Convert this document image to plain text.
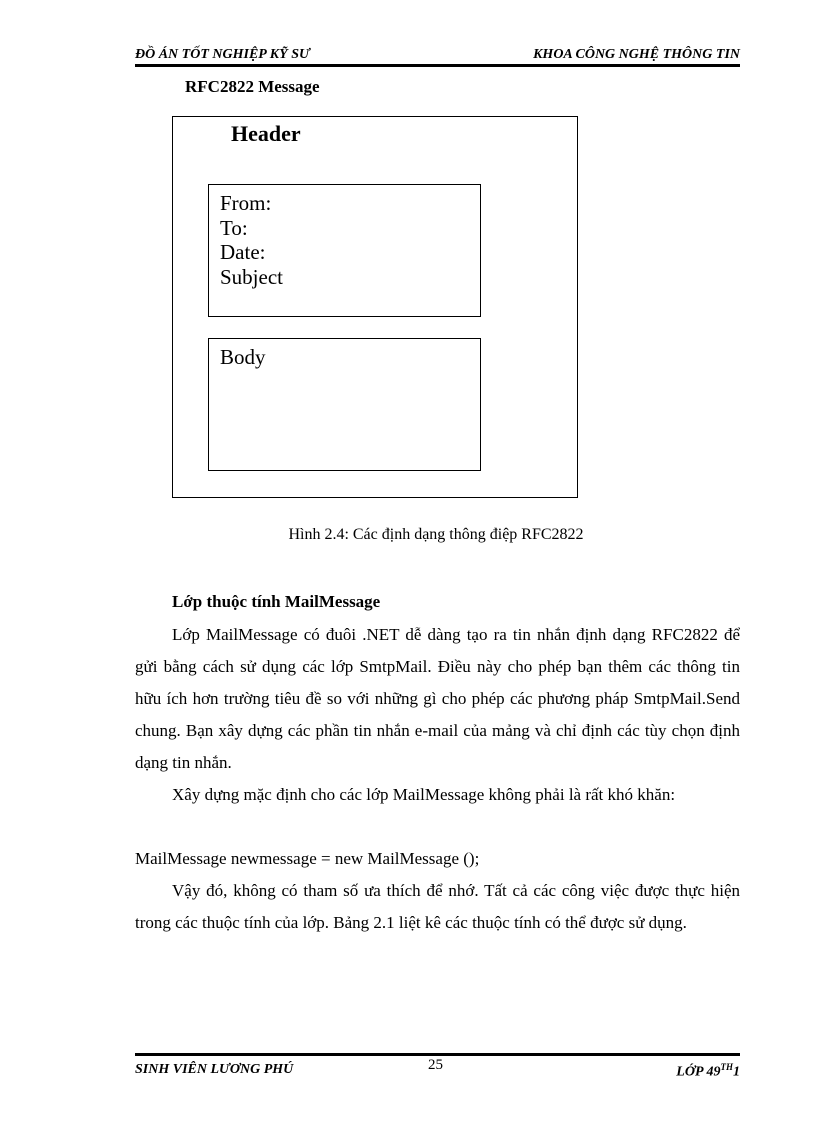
ĐỒ ÁN TỐT NGHIỆP KỸ SƯ	KHOA CÔNG NGHỆ THÔNG TIN
RFC2822 Message
Header
From:
To:
Date:
Subject
Body
Hình 2.4: Các định dạng thông điệp RFC2822
Lớp thuộc tính MailMessage
Lớp MailMessage có đuôi .NET dễ dàng tạo ra tin nhắn định dạng RFC2822 để gửi bằng cách sử dụng các lớp SmtpMail. Điều này cho phép bạn thêm các thông tin hữu ích hơn trường tiêu đề so với những gì cho phép các phương pháp SmtpMail.Send chung. Bạn xây dựng các phần tin nhắn e-mail của mảng và chỉ định các tùy chọn định dạng tin nhắn.
Xây dựng mặc định cho các lớp MailMessage không phải là rất khó khăn:
MailMessage newmessage = new MailMessage ();
Vậy đó, không có tham số ưa thích để nhớ. Tất cả các công việc được thực hiện trong các thuộc tính của lớp. Bảng 2.1 liệt kê các thuộc tính có thể được sử dụng.
SINH VIÊN LƯƠNG PHÚ	25	LỚP 49TH1
